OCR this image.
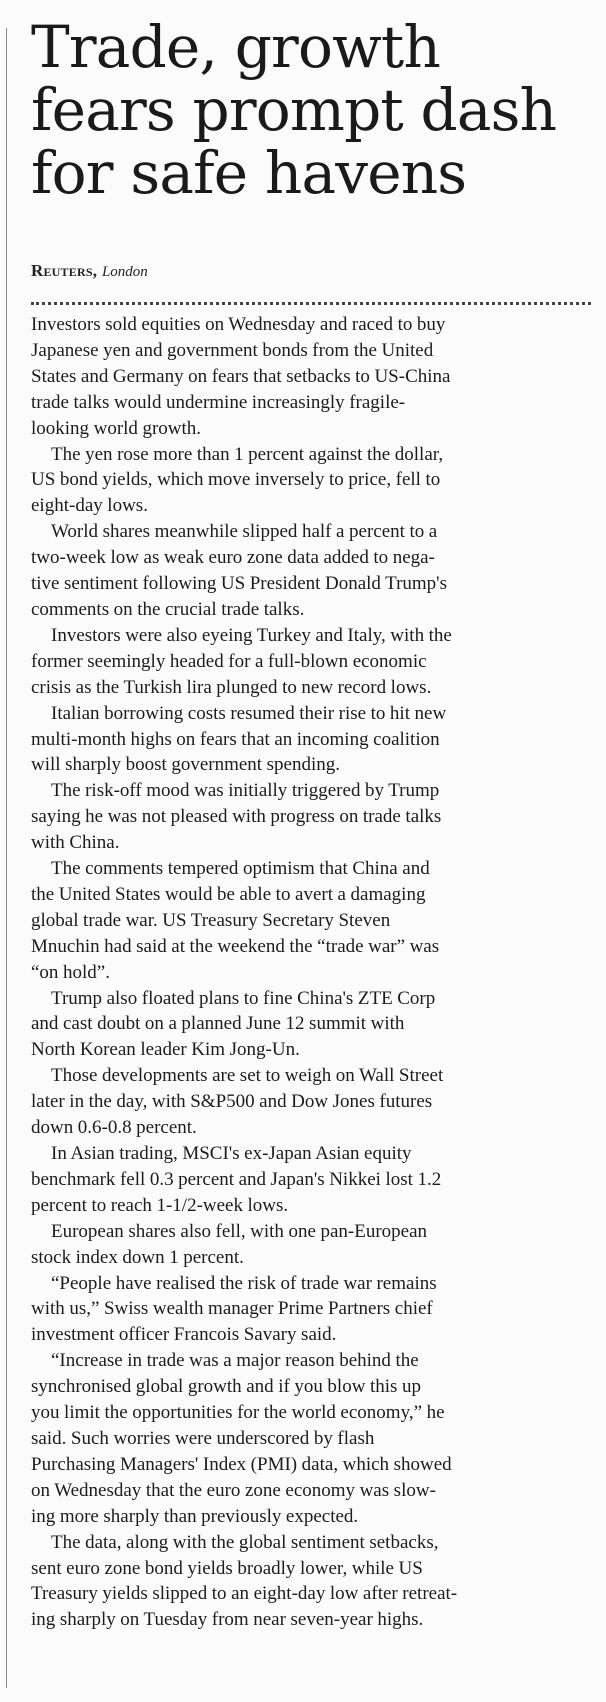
Trade, growth
fears prompt dash
for safe havens
Reuters, London

Investors sold equities on Wednesday and raced to buy
Japanese yen and government bonds from the United
States and Germany on fears that setbacks to US-China
trade talks would undermine increasingly fragile-
looking world growth.

The yen rose more than 1 percent against the dollar,
US bond yields, which move inversely to price, fell to
eight-day lows.

World shares meanwhile slipped half a percent to a
two-week low as weak euro zone data added to nega-
tive sentiment following US President Donald Trump's
comments on the crucial trade talks.

Investors were also eyeing Turkey and Italy, with the
former seemingly headed for a full-blown economic
crisis as the Turkish lira plunged to new record lows.

Italian borrowing costs resumed their rise to hit new
multi-month highs on fears that an incoming coalition
will sharply boost government spending.

The risk-off mood was initially triggered by Trump
saying he was not pleased with progress on trade talks
with China.

The comments tempered optimism that China and
the United States would be able to avert a damaging
global trade war. US Treasury Secretary Steven
Mnuchin had said at the weekend the “trade war” was
“on hold”.

Trump also floated plans to fine China's ZTE Corp
and cast doubt on a planned June 12 summit with
North Korean leader Kim Jong-Un.

Those developments are set to weigh on Wall Street
later in the day, with S&P500 and Dow Jones futures
down 0.6-0.8 percent.

In Asian trading, MSCI's ex-Japan Asian equity
benchmark fell 0.3 percent and Japan's Nikkei lost 1.2
percent to reach 1-1/2-week lows.

European shares also fell, with one pan-European
stock index down 1 percent.

“People have realised the risk of trade war remains
with us,” Swiss wealth manager Prime Partners chief
investment officer Francois Savary said.

“Increase in trade was a major reason behind the
synchronised global growth and if you blow this up
you limit the opportunities for the world economy,” he
said. Such worries were underscored by flash
Purchasing Managers' Index (PMI) data, which showed
on Wednesday that the euro zone economy was slow-
ing more sharply than previously expected.

The data, along with the global sentiment setbacks,
sent euro zone bond yields broadly lower, while US
Treasury yields slipped to an eight-day low after retreat-
ing sharply on Tuesday from near seven-year highs.
